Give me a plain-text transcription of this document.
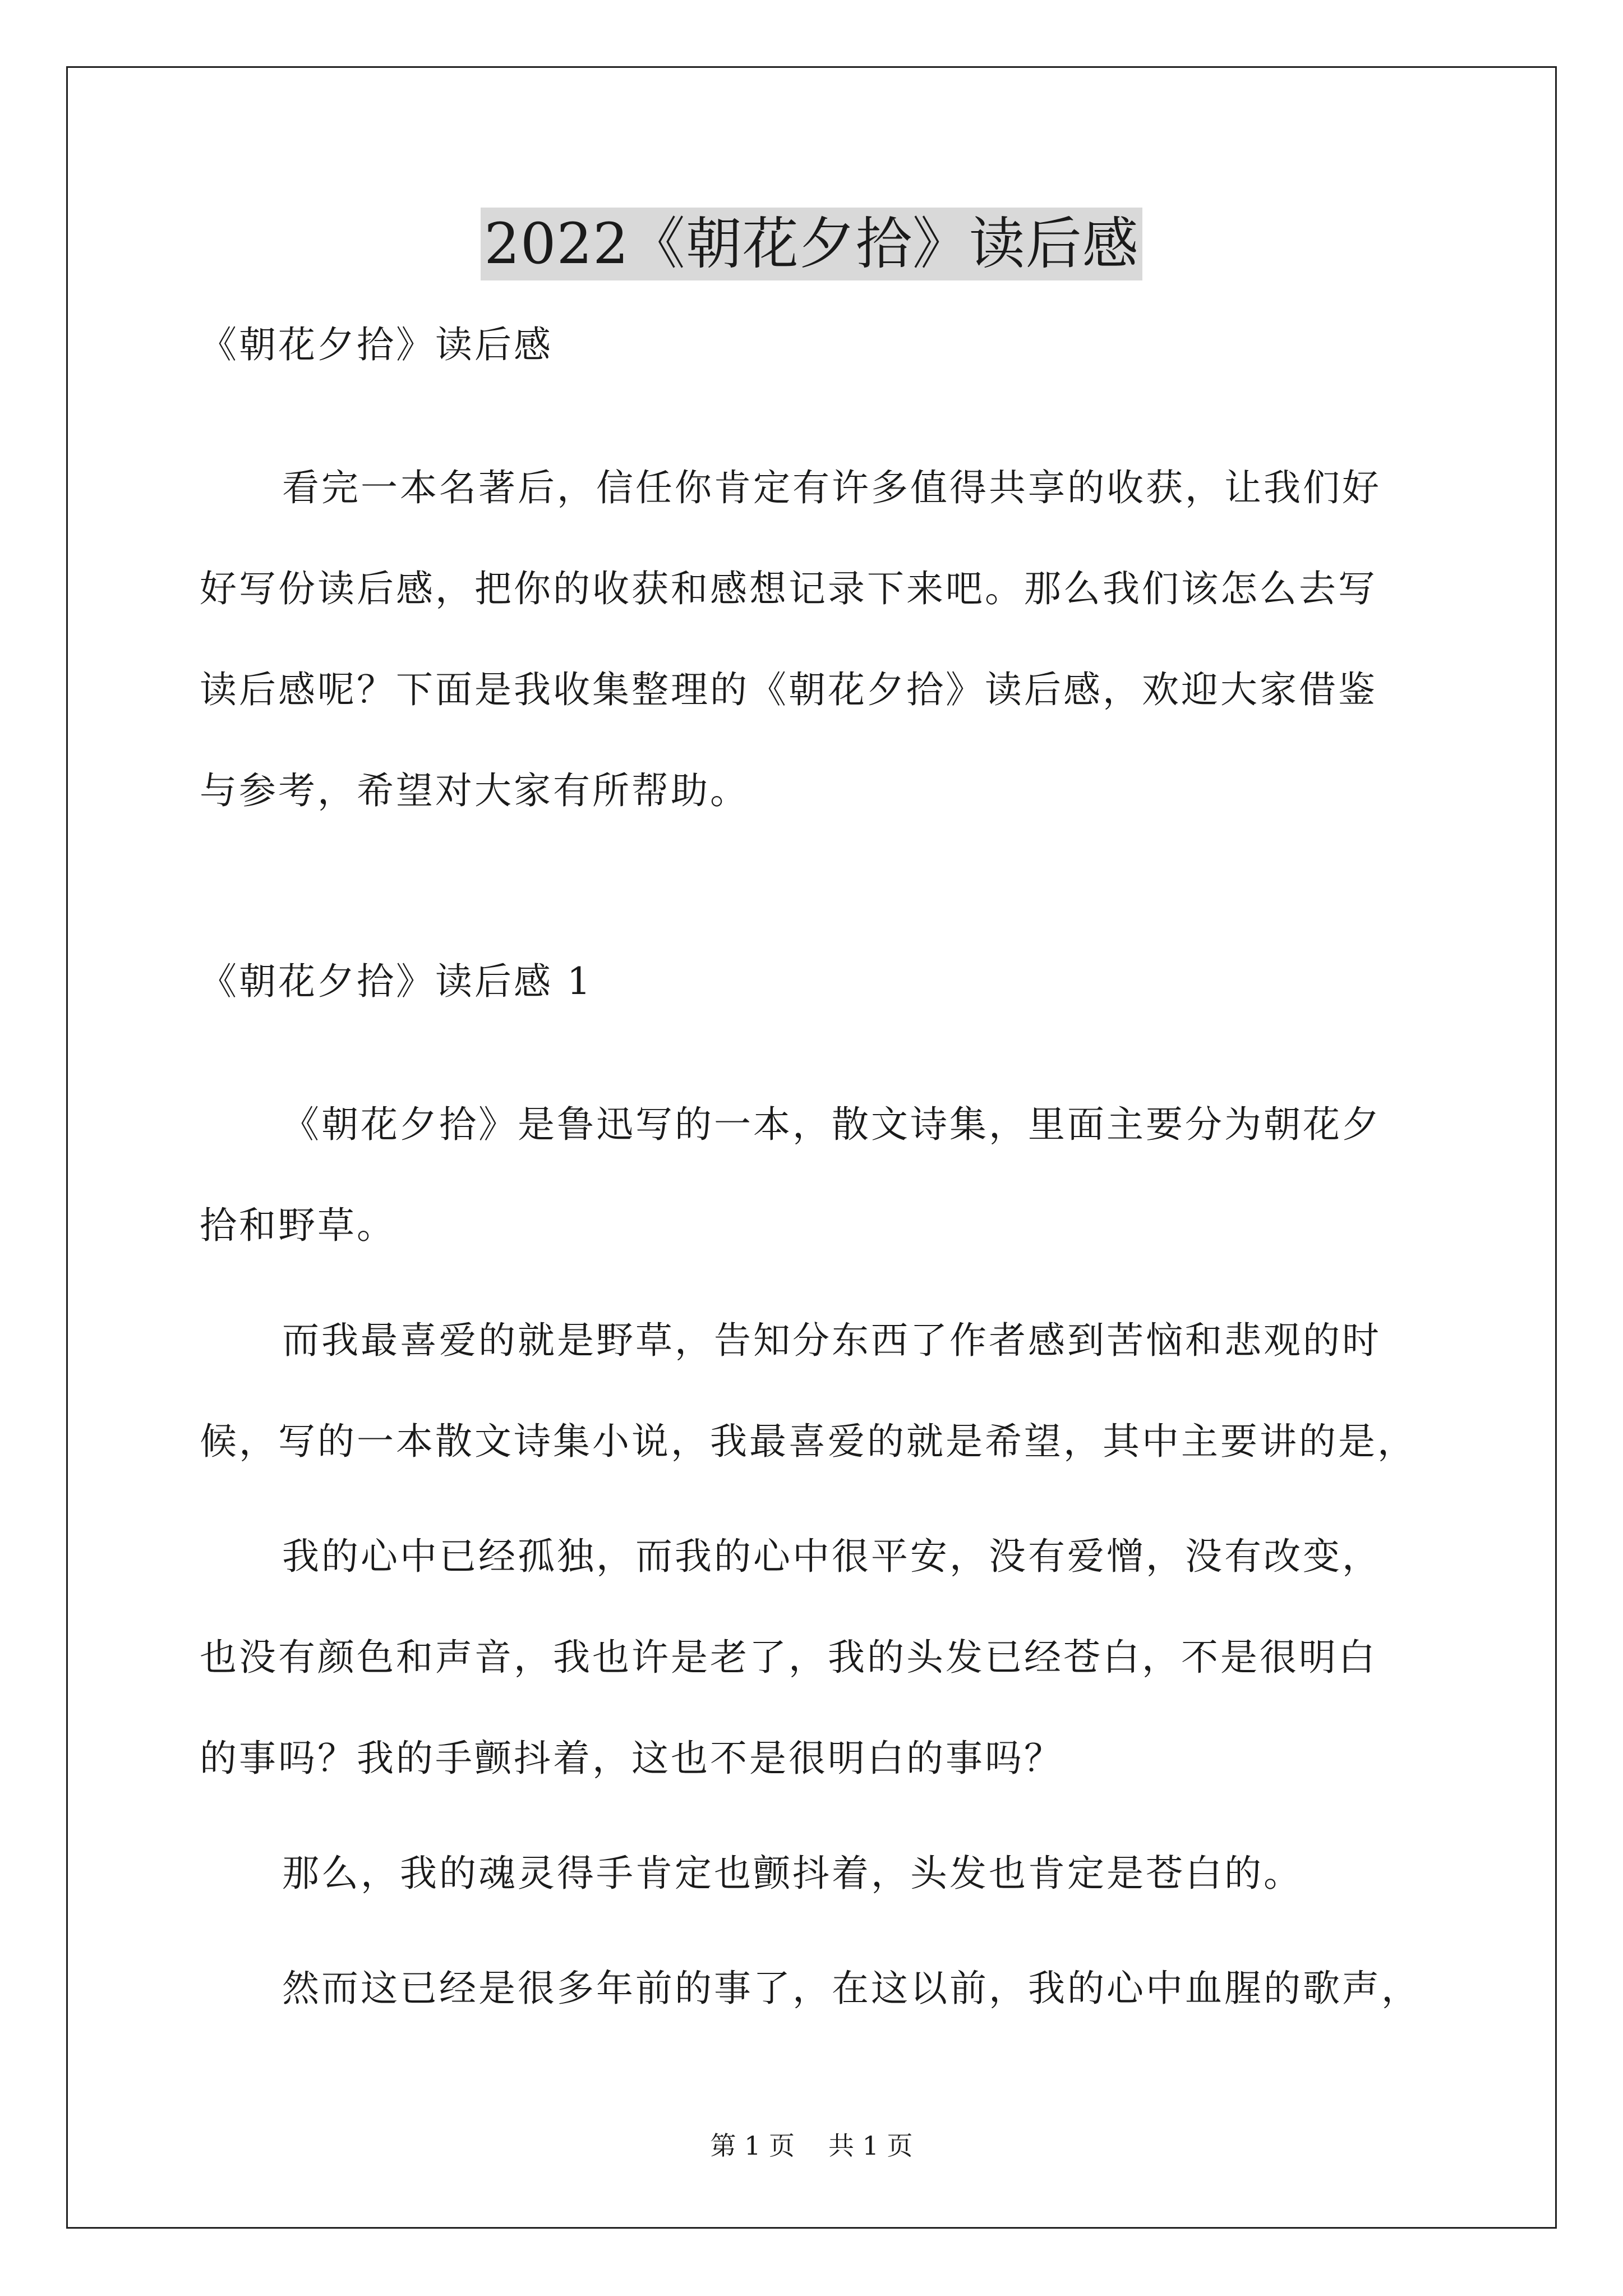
2022《朝花夕拾》读后感
《朝花夕拾》读后感
看完一本名著后，信任你肯定有许多值得共享的收获，让我们好
好写份读后感，把你的收获和感想记录下来吧。那么我们该怎么去写
读后感呢？下面是我收集整理的《朝花夕拾》读后感，欢迎大家借鉴
与参考，希望对大家有所帮助。
《朝花夕拾》读后感 1
《朝花夕拾》是鲁迅写的一本，散文诗集，里面主要分为朝花夕
拾和野草。
而我最喜爱的就是野草，告知分东西了作者感到苦恼和悲观的时
候，写的一本散文诗集小说，我最喜爱的就是希望，其中主要讲的是，
我的心中已经孤独，而我的心中很平安，没有爱憎，没有改变，
也没有颜色和声音，我也许是老了，我的头发已经苍白，不是很明白
的事吗？我的手颤抖着，这也不是很明白的事吗？
那么，我的魂灵得手肯定也颤抖着，头发也肯定是苍白的。
然而这已经是很多年前的事了，在这以前，我的心中血腥的歌声，
第 1 页 共 1 页
